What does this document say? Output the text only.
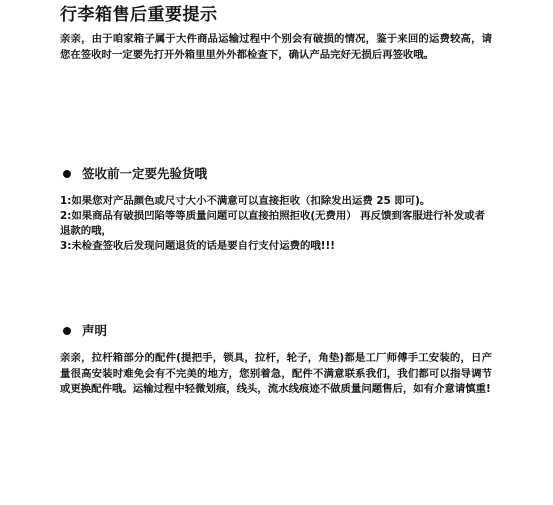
行李箱售后重要提示

亲亲，由于咱家箱子属于大件商品运输过程中个别会有破损的情况，鉴于来回的运费较高，请您在签收时一定要先打开外箱里里外外都检查下，确认产品完好无损后再签收哦。

签收前一定要先验货哦
1:如果您对产品颜色或尺寸大小不满意可以直接拒收（扣除发出运费 25 即可)。
2:如果商品有破损凹陷等等质量问题可以直接拍照拒收(无费用） 再反馈到客服进行补发或者退款的哦，
3:未检查签收后发现问题退货的话是要自行支付运费的哦!!!
声明

亲亲，拉杆箱部分的配件(提把手，锁具，拉杆，轮子，角垫)都是工厂师傅手工安装的，日产量很高安装时难免会有不完美的地方，您别着急，配件不满意联系我们，我们都可以指导调节或更换配件哦。运输过程中轻微划痕，线头，流水线痕迹不做质量问题售后，如有介意请慎重!
